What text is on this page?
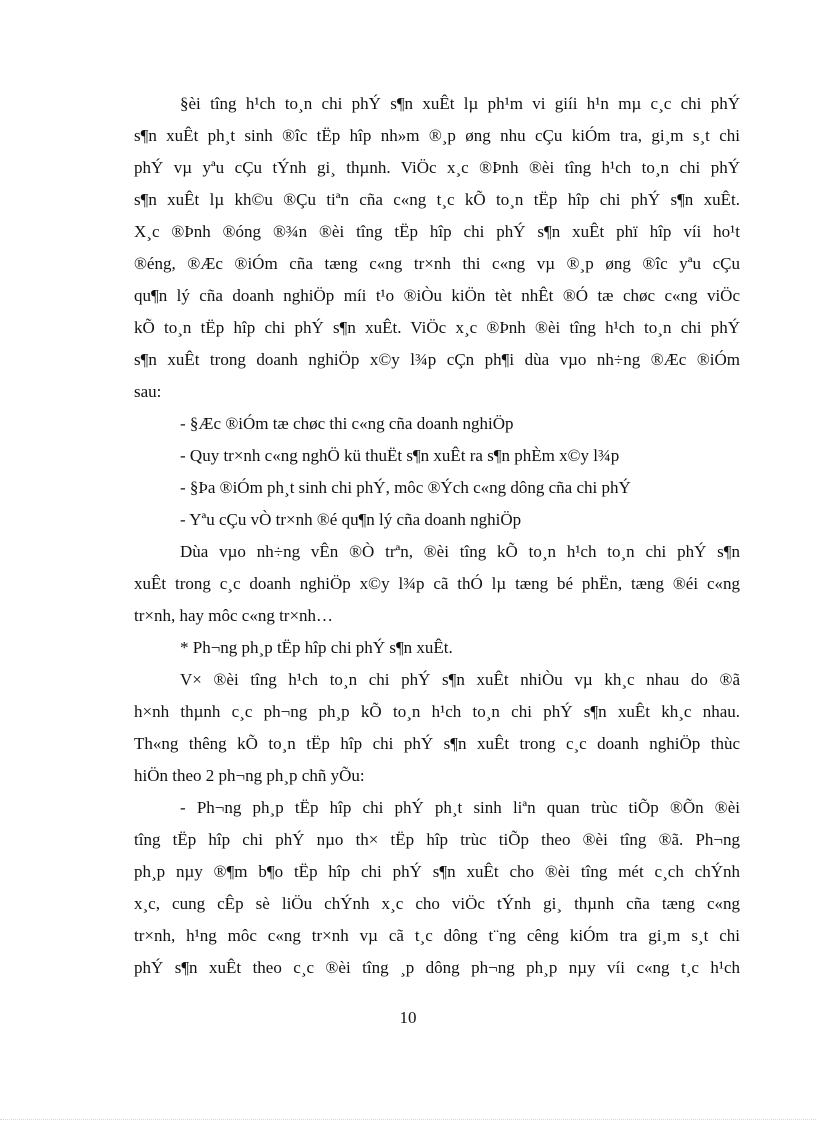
§èi tîng h¹ch to¸n chi phÝ s¶n xuÊt lµ ph¹m vi giíi h¹n mµ c¸c chi phÝ
s¶n xuÊt ph¸t sinh ®îc tËp hîp nh»m ®¸p øng nhu cÇu kiÓm tra, gi¸m s¸t chi
phÝ vµ yªu cÇu tÝnh gi¸ thµnh. ViÖc x¸c ®Þnh ®èi tîng h¹ch to¸n chi phÝ
s¶n xuÊt lµ kh©u ®Çu tiªn cña c«ng t¸c kÕ to¸n tËp hîp chi phÝ s¶n xuÊt.
X¸c ®Þnh ®óng ®¾n ®èi tîng tËp hîp chi phÝ s¶n xuÊt phï hîp víi ho¹t
®éng, ®Æc ®iÓm cña tæng c«ng tr×nh thi c«ng vµ ®¸p øng ®îc yªu cÇu
qu¶n lý cña doanh nghiÖp míi t¹o ®iÒu kiÖn tèt nhÊt ®Ó tæ chøc c«ng viÖc
kÕ to¸n tËp hîp chi phÝ s¶n xuÊt. ViÖc x¸c ®Þnh ®èi tîng h¹ch to¸n chi phÝ
s¶n xuÊt trong doanh nghiÖp x©y l¾p cÇn ph¶i dùa vµo nh÷ng ®Æc ®iÓm
sau:
- §Æc ®iÓm tæ chøc thi c«ng cña doanh nghiÖp
- Quy tr×nh c«ng nghÖ kü thuËt s¶n xuÊt ra s¶n phÈm x©y l¾p
- §Þa ®iÓm ph¸t sinh chi phÝ, môc ®Ých c«ng dông cña chi phÝ
- Yªu cÇu vÒ tr×nh ®é qu¶n lý cña doanh nghiÖp
Dùa vµo nh÷ng vÊn ®Ò trªn, ®èi tîng kÕ to¸n h¹ch to¸n chi phÝ s¶n
xuÊt trong c¸c doanh nghiÖp x©y l¾p cã thÓ lµ tæng bé phËn, tæng ®éi c«ng
tr×nh, hay môc c«ng tr×nh…
* Ph¬ng ph¸p tËp hîp chi phÝ s¶n xuÊt.
V× ®èi tîng h¹ch to¸n chi phÝ s¶n xuÊt nhiÒu vµ kh¸c nhau do ®ã
h×nh thµnh c¸c ph¬ng ph¸p kÕ to¸n h¹ch to¸n chi phÝ s¶n xuÊt kh¸c nhau.
Th«ng thêng kÕ to¸n tËp hîp chi phÝ s¶n xuÊt trong c¸c doanh nghiÖp thùc
hiÖn theo 2 ph¬ng ph¸p chñ yÕu:
- Ph¬ng ph¸p tËp hîp chi phÝ ph¸t sinh liªn quan trùc tiÕp ®Õn ®èi
tîng tËp hîp chi phÝ nµo th× tËp hîp trùc tiÕp theo ®èi tîng ®ã. Ph¬ng
ph¸p nµy ®¶m b¶o tËp hîp chi phÝ s¶n xuÊt cho ®èi tîng mét c¸ch chÝnh
x¸c, cung cÊp sè liÖu chÝnh x¸c cho viÖc tÝnh gi¸ thµnh cña tæng c«ng
tr×nh, h¹ng môc c«ng tr×nh vµ cã t¸c dông t¨ng cêng kiÓm tra gi¸m s¸t chi
phÝ s¶n xuÊt theo c¸c ®èi tîng ¸p dông ph¬ng ph¸p nµy víi c«ng t¸c h¹ch
10
